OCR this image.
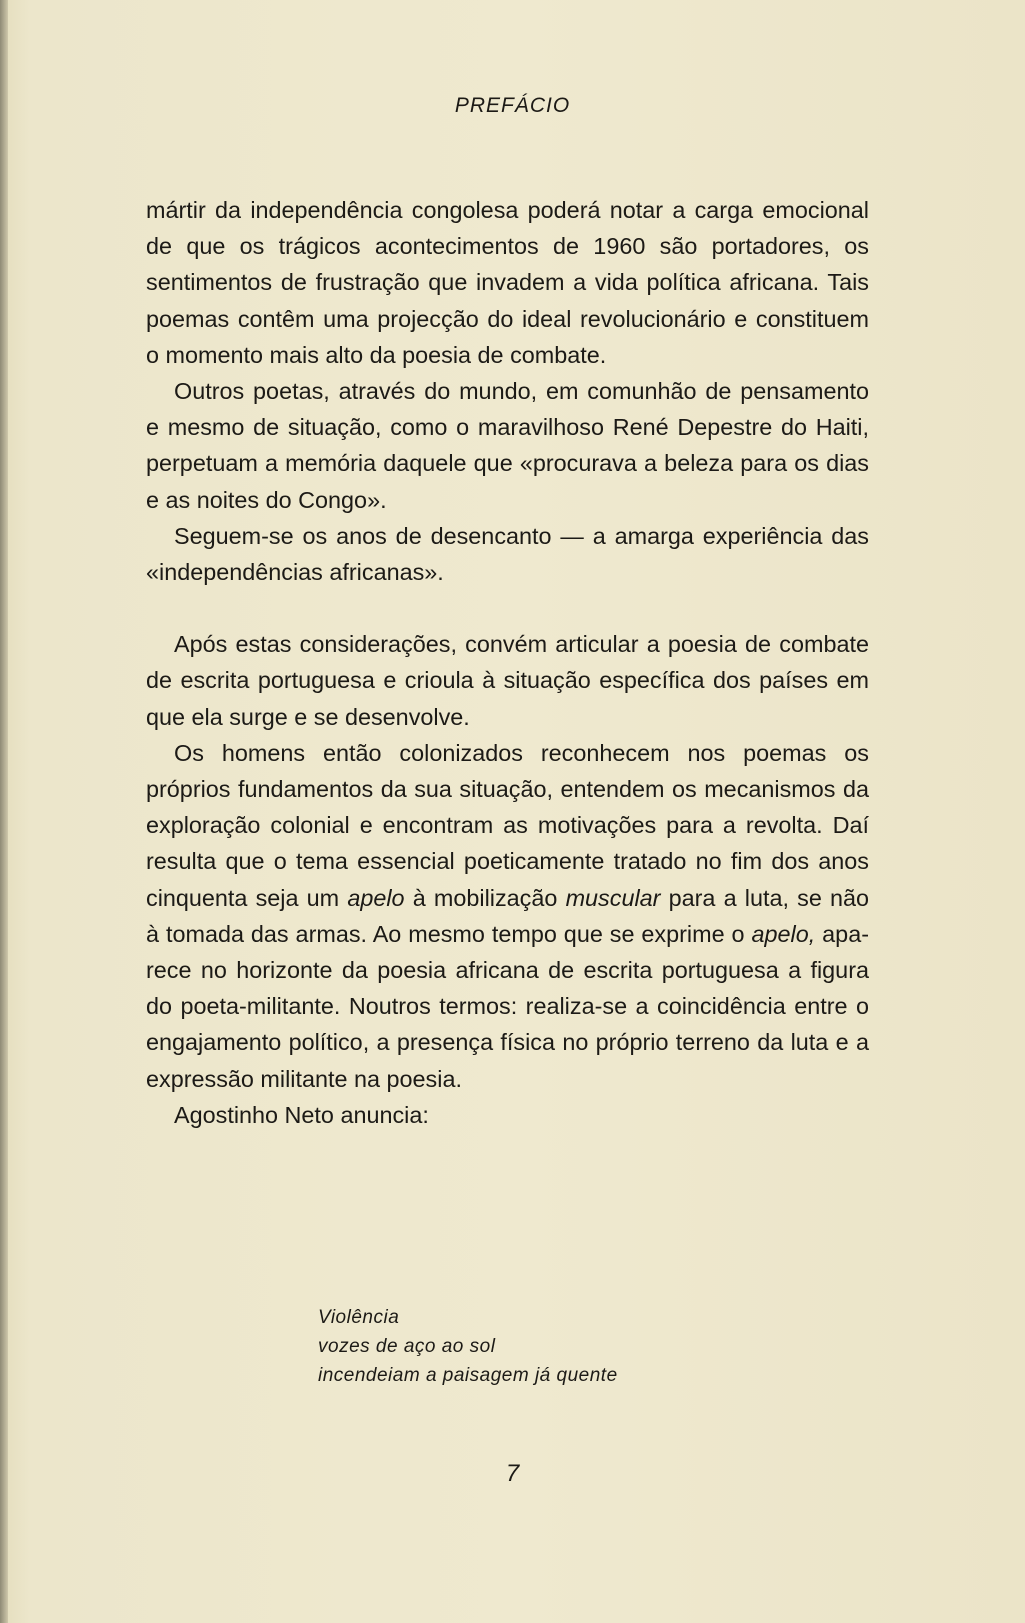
PREFÁCIO

mártir da independência congolesa poderá notar a carga emocional de que os trágicos acontecimentos de 1960 são portadores, os sentimentos de frustração que invadem a vida política africana. Tais poemas contêm uma projecção do ideal revolucionário e constituem o momento mais alto da poesia de combate.

Outros poetas, através do mundo, em comunhão de pensamento e mesmo de situação, como o maravilhoso René Depestre do Haiti, perpetuam a memória daquele que «procurava a beleza para os dias e as noites do Congo».

Seguem-se os anos de desencanto — a amarga experiência das «independências africanas».

Após estas considerações, convém articular a poesia de combate de escrita portuguesa e crioula à situação específica dos países em que ela surge e se desenvolve.

Os homens então colonizados reconhecem nos poemas os próprios fundamentos da sua situação, entendem os mecanismos da exploração colonial e encontram as motivações para a revolta. Daí resulta que o tema essencial poeticamente tratado no fim dos anos cinquenta seja um apelo à mobilização muscular para a luta, se não à tomada das armas. Ao mesmo tempo que se exprime o apelo, aparece no horizonte da poesia africana de escrita portuguesa a figura do poeta-militante. Noutros termos: realiza-se a coincidência entre o engajamento político, a presença física no próprio terreno da luta e a expressão militante na poesia.

Agostinho Neto anuncia:

Violência
vozes de aço ao sol
incendeiam a paisagem já quente
7
